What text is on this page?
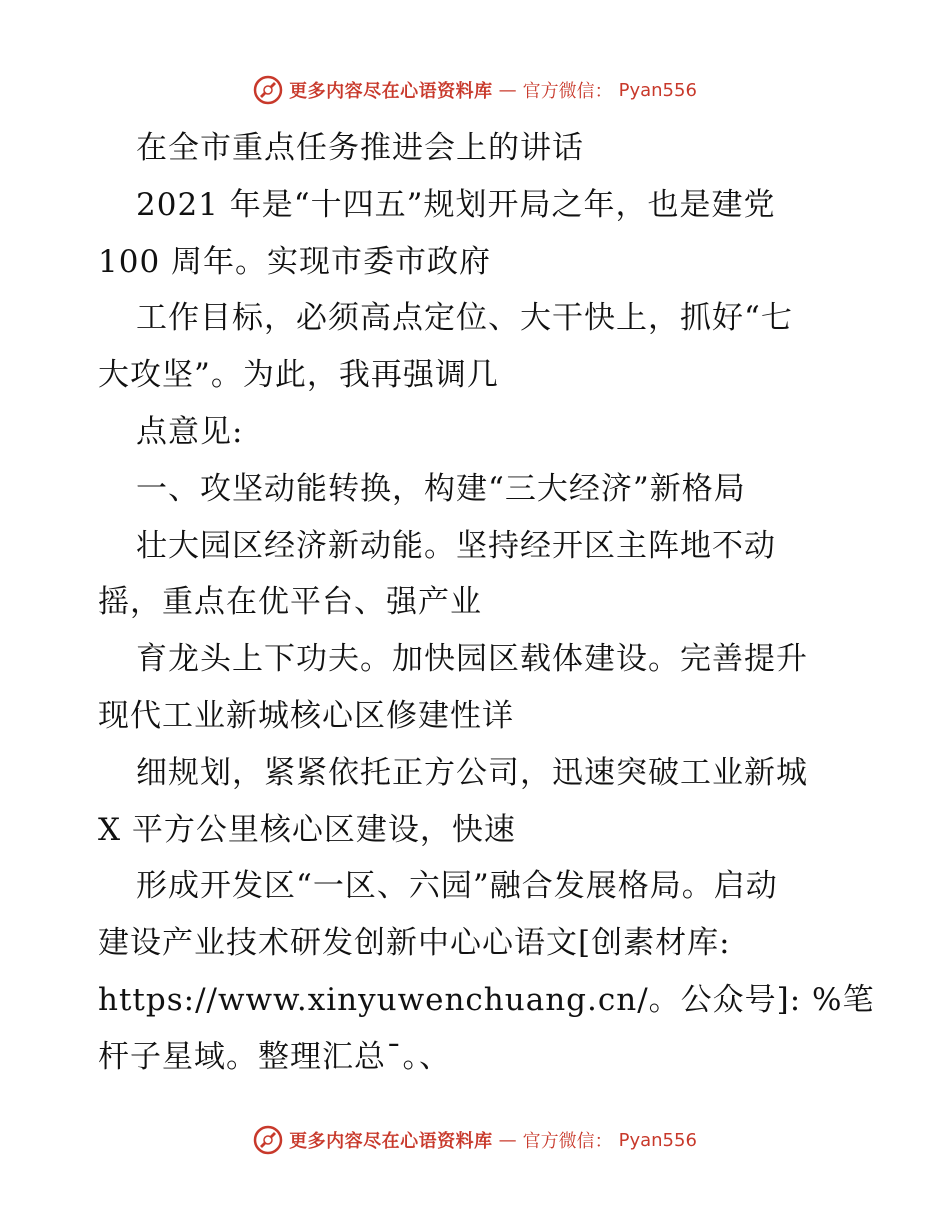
更多内容尽在心语资料库 — 官方微信： Pyan556
在全市重点任务推进会上的讲话
2021 年是“十四五”规划开局之年，也是建党
100 周年。实现市委市政府
工作目标，必须高点定位、大干快上，抓好“七
大攻坚”。为此，我再强调几
点意见:
一、攻坚动能转换，构建“三大经济”新格局
壮大园区经济新动能。坚持经开区主阵地不动
摇，重点在优平台、强产业
育龙头上下功夫。加快园区载体建设。完善提升
现代工业新城核心区修建性详
细规划，紧紧依托正方公司，迅速突破工业新城
X 平方公里核心区建设，快速
形成开发区“一区、六园”融合发展格局。启动
建设产业技术研发创新中心心语文[创素材库:
https://www.xinyuwenchuang.cn/。公众号]: %笔
杆子星域。整理汇总¯。、
更多内容尽在心语资料库 — 官方微信： Pyan556
